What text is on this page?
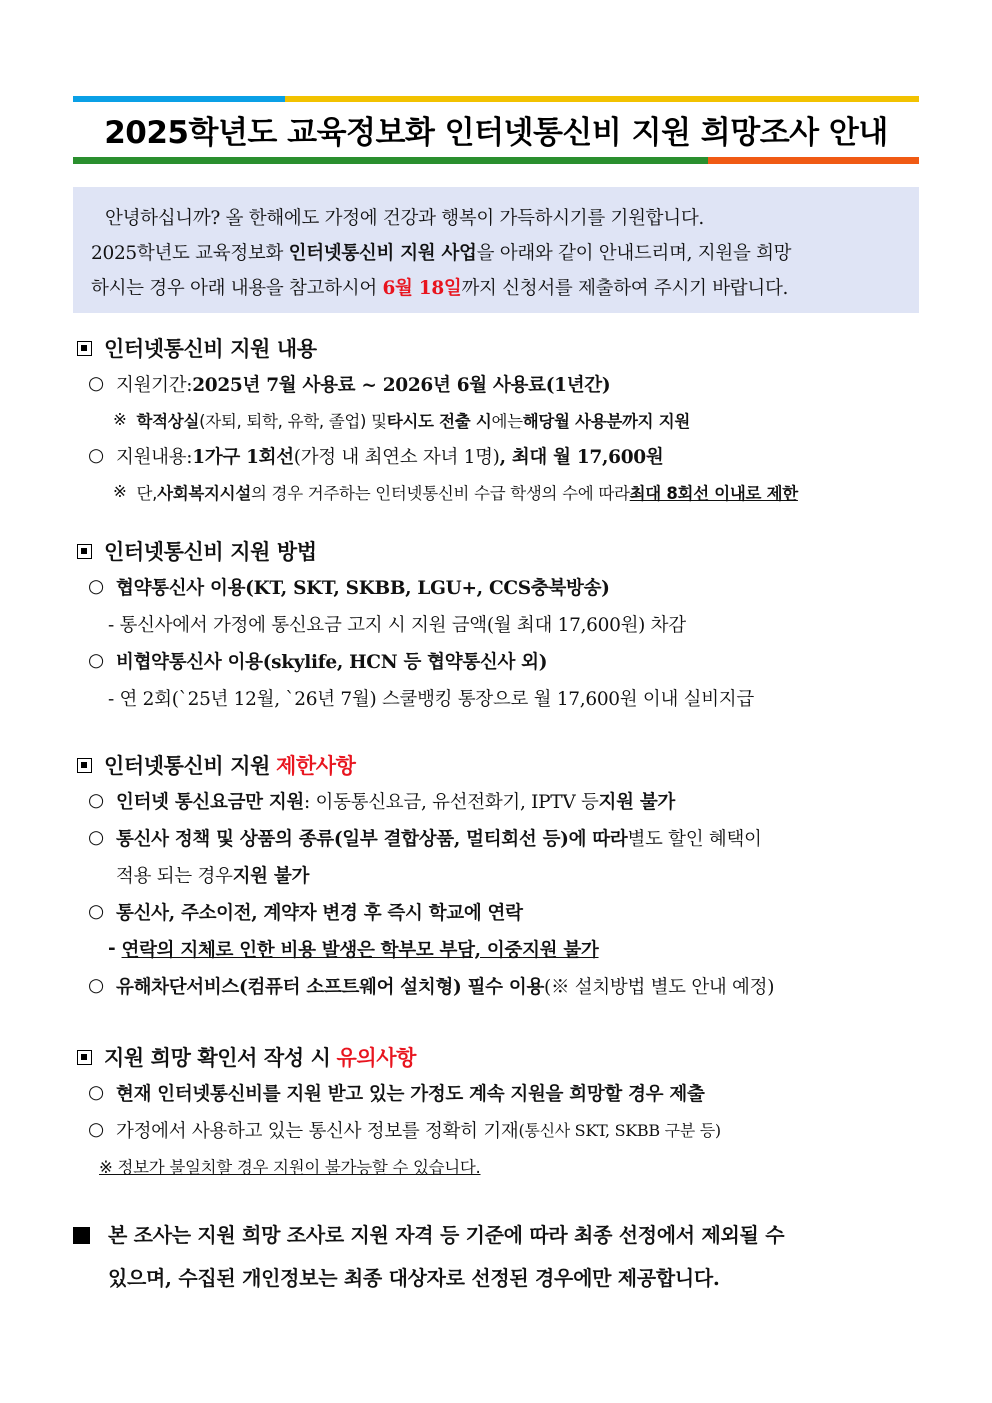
2025학년도 교육정보화 인터넷통신비 지원 희망조사 안내
안녕하십니까? 올 한해에도 가정에 건강과 행복이 가득하시기를 기원합니다.
2025학년도 교육정보화 인터넷통신비 지원 사업을 아래와 같이 안내드리며, 지원을 희망
하시는 경우 아래 내용을 참고하시어 6월 18일까지 신청서를 제출하여 주시기 바랍니다.
인터넷통신비 지원 내용
○ 지원기간: 2025년 7월 사용료 ~ 2026년 6월 사용료(1년간)
※ 학적상실 (자퇴, 퇴학, 유학, 졸업) 및 타시도 전출 시 에는 해당월 사용분까지 지원
○ 지원내용: 1가구 1회선 (가정 내 최연소 자녀 1명) , 최대 월 17,600원
※ 단, 사회복지시설 의 경우 거주하는 인터넷통신비 수급 학생의 수에 따라 최대 8회선 이내로 제한
인터넷통신비 지원 방법
○ 협약통신사 이용(KT, SKT, SKBB, LGU+, CCS충북방송)
- 통신사에서 가정에 통신요금 고지 시 지원 금액(월 최대 17,600원) 차감
○ 비협약통신사 이용(skylife, HCN 등 협약통신사 외)
- 연 2회(`25년 12월, `26년 7월) 스쿨뱅킹 통장으로 월 17,600원 이내 실비지급
인터넷통신비 지원 제한사항
○ 인터넷 통신요금만 지원 : 이동통신요금, 유선전화기, IPTV 등 지원 불가
○ 통신사 정책 및 상품의 종류(일부 결합상품, 멀티회선 등)에 따라 별도 할인 혜택이
적용 되는 경우 지원 불가
○ 통신사, 주소이전, 계약자 변경 후 즉시 학교에 연락
- 연락의 지체로 인한 비용 발생은 학부모 부담, 이중지원 불가
○ 유해차단서비스(컴퓨터 소프트웨어 설치형) 필수 이용 (※ 설치방법 별도 안내 예정)
지원 희망 확인서 작성 시 유의사항
○ 현재 인터넷통신비를 지원 받고 있는 가정도 계속 지원을 희망할 경우 제출
○ 가정에서 사용하고 있는 통신사 정보를 정확히 기재 (통신사 SKT, SKBB 구분 등)
※ 정보가 불일치할 경우 지원이 불가능할 수 있습니다.
본 조사는 지원 희망 조사로 지원 자격 등 기준에 따라 최종 선정에서 제외될 수
있으며, 수집된 개인정보는 최종 대상자로 선정된 경우에만 제공합니다.
